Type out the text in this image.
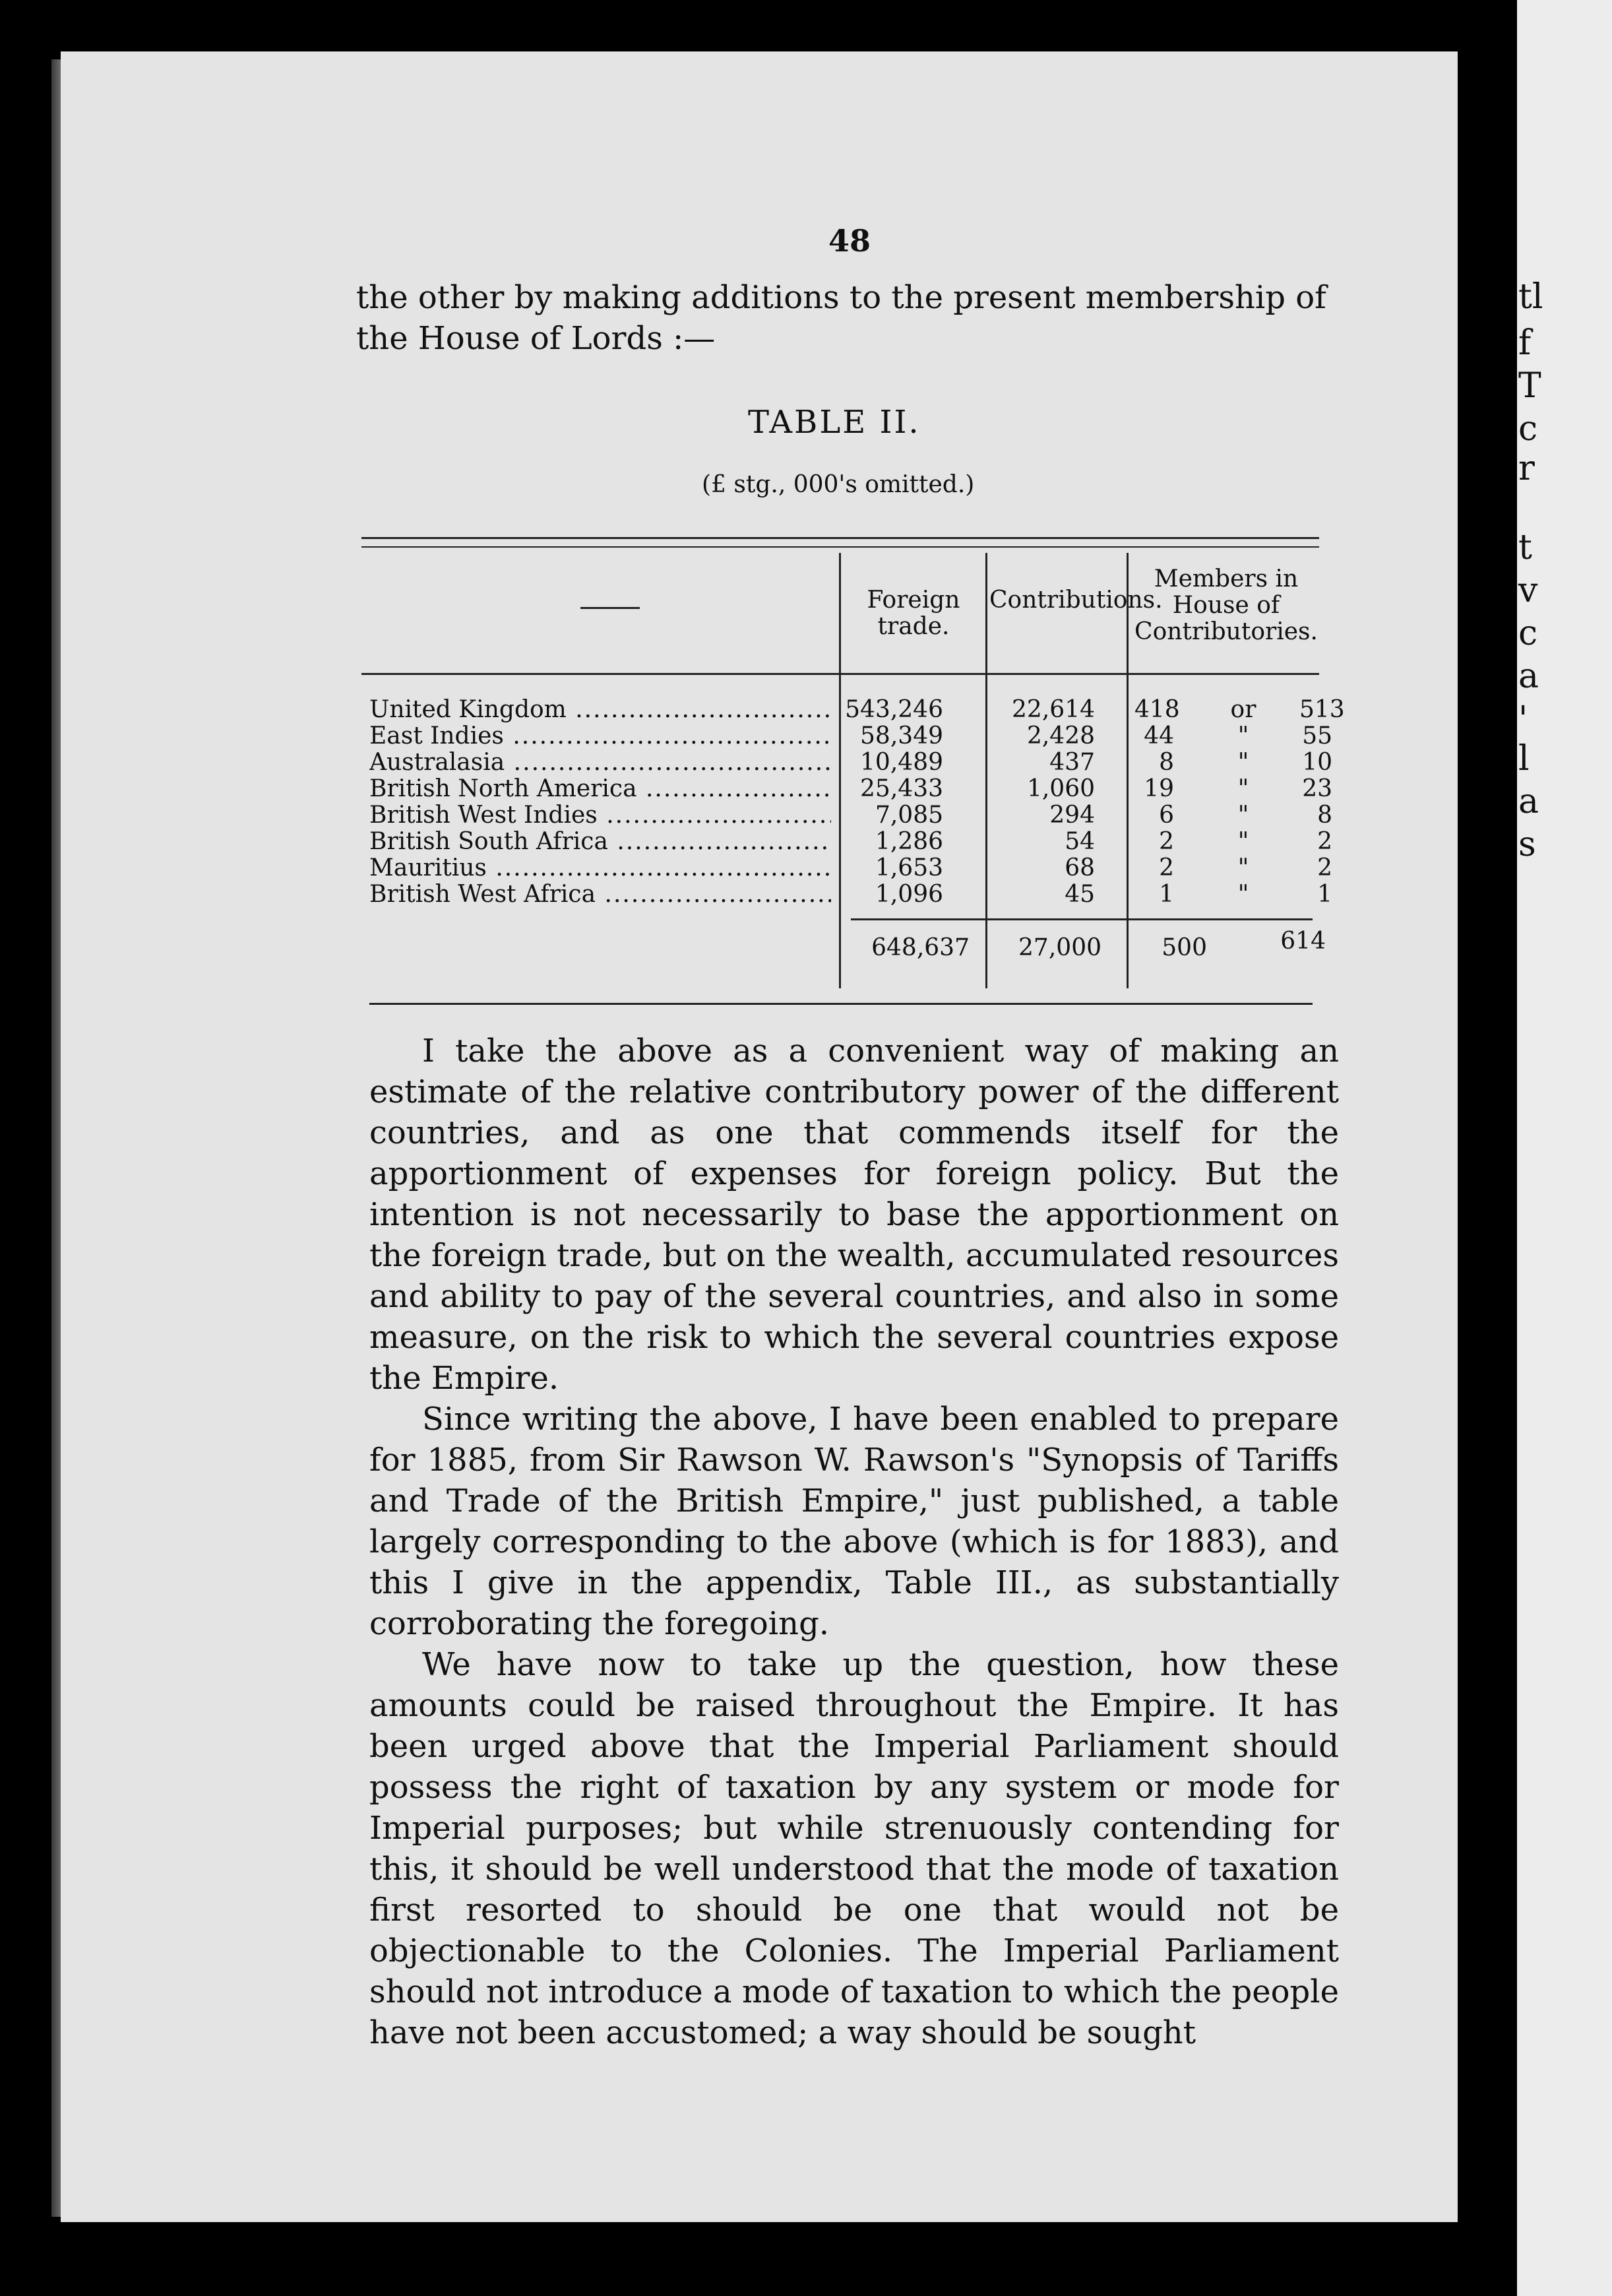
tl
f
T
c
r
t
v
c
a
'
l
a
s
48
the other by making additions to the present membership of the House of Lords :—
TABLE II.
(£ stg., 000's omitted.)
Foreign trade.
Contributions.
Members in House of Contributories.
United Kingdom .....	543,246	22,614 418 or 513
East Indies .....	58,349	2,428	44	"	55
Australasia .....	10,489	437	8	"	10
British North America .....	25,433	1,060	19	"	23
British West Indies .....	7,085	294	6	"	8
British South Africa .....	1,286	54	2	"	2
Mauritius .....	1,653	68	2	"	2
British West Africa .....	1,096	45	1	"	1
648,637	27,000	500	614

I take the above as a convenient way of making an estimate of the relative contributory power of the different countries, and as one that commends itself for the apportionment of expenses for foreign policy. But the intention is not necessarily to base the apportionment on the foreign trade, but on the wealth, accumulated resources and ability to pay of the several countries, and also in some measure, on the risk to which the several countries expose the Empire.

Since writing the above, I have been enabled to prepare for 1885, from Sir Rawson W. Rawson's "Synopsis of Tariffs and Trade of the British Empire," just published, a table largely corresponding to the above (which is for 1883), and this I give in the appendix, Table III., as substantially corroborating the foregoing.

We have now to take up the question, how these amounts could be raised throughout the Empire. It has been urged above that the Imperial Parliament should possess the right of taxation by any system or mode for Imperial purposes; but while strenuously contending for this, it should be well understood that the mode of taxation first resorted to should be one that would not be objectionable to the Colonies. The Imperial Parliament should not introduce a mode of taxation to which the people have not been accustomed; a way should be sought
